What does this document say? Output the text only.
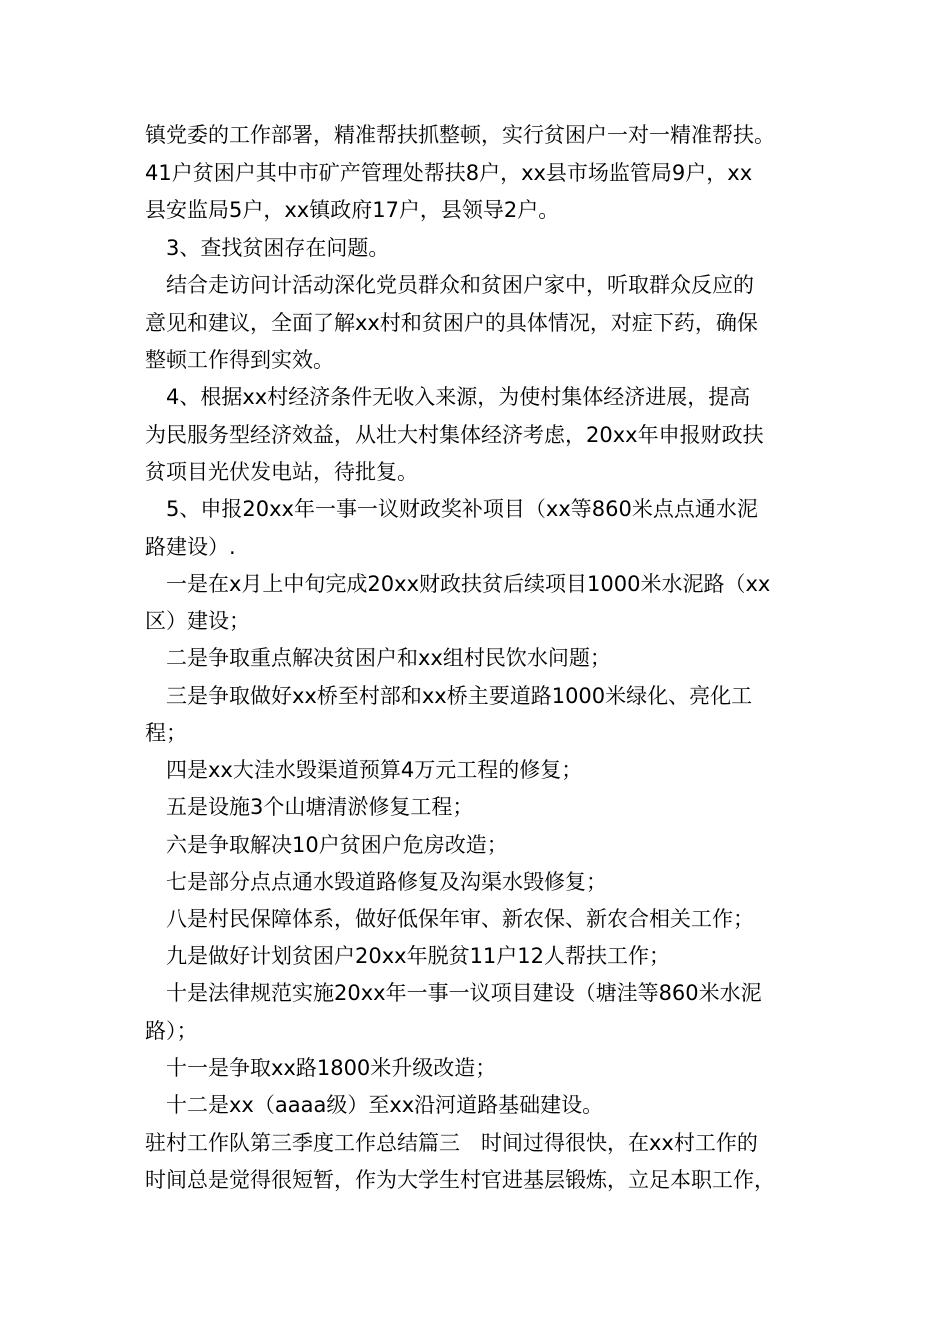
镇党委的工作部署，精准帮扶抓整顿，实行贫困户一对一精准帮扶。

41户贫困户其中市矿产管理处帮扶8户，xx县市场监管局9户，xx

县安监局5户，xx镇政府17户，县领导2户。

3、查找贫困存在问题。

结合走访问计活动深化党员群众和贫困户家中，听取群众反应的

意见和建议，全面了解xx村和贫困户的具体情况，对症下药，确保

整顿工作得到实效。

4、根据xx村经济条件无收入来源，为使村集体经济进展，提高

为民服务型经济效益，从壮大村集体经济考虑，20xx年申报财政扶

贫项目光伏发电站，待批复。

5、申报20xx年一事一议财政奖补项目（xx等860米点点通水泥

路建设）.

一是在x月上中旬完成20xx财政扶贫后续项目1000米水泥路（xx

区）建设；

二是争取重点解决贫困户和xx组村民饮水问题；

三是争取做好xx桥至村部和xx桥主要道路1000米绿化、亮化工

程；

四是xx大洼水毁渠道预算4万元工程的修复；

五是设施3个山塘清淤修复工程；

六是争取解决10户贫困户危房改造；

七是部分点点通水毁道路修复及沟渠水毁修复；

八是村民保障体系，做好低保年审、新农保、新农合相关工作；

九是做好计划贫困户20xx年脱贫11户12人帮扶工作；

十是法律规范实施20xx年一事一议项目建设（塘洼等860米水泥

路）；

十一是争取xx路1800米升级改造；

十二是xx（aaaa级）至xx沿河道路基础建设。

驻村工作队第三季度工作总结篇三　时间过得很快，在xx村工作的

时间总是觉得很短暂，作为大学生村官进基层锻炼，立足本职工作，
